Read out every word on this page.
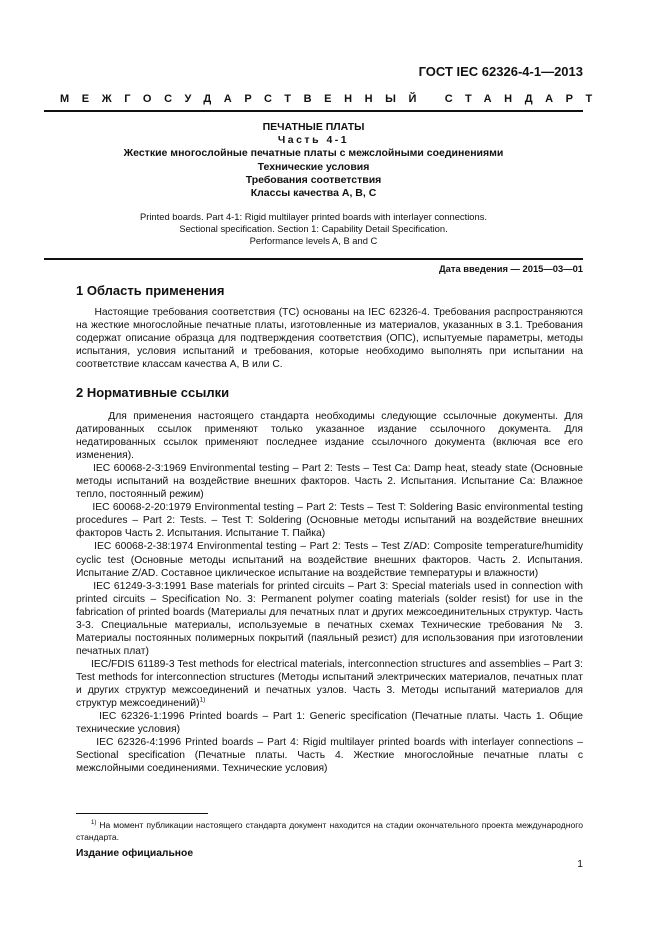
ГОСТ IEC 62326-4-1—2013
МЕЖГОСУДАРСТВЕННЫЙ СТАНДАРТ
ПЕЧАТНЫЕ ПЛАТЫ
Часть 4-1
Жесткие многослойные печатные платы с межслойными соединениями
Технические условия
Требования соответствия
Классы качества А, В, С
Printed boards. Part 4-1: Rigid multilayer printed boards with interlayer connections.
Sectional specification. Section 1: Capability Detail Specification.
Performance levels A, B and C
Дата введения — 2015—03—01
1 Область применения

Настоящие требования соответствия (ТС) основаны на IEC 62326-4. Требования распространяются на жесткие многослойные печатные платы, изготовленные из материалов, указанных в 3.1. Требования содержат описание образца для подтверждения соответствия (ОПС), испытуемые параметры, методы испытания, условия испытаний и требования, которые необходимо выполнять при испытании на соответствие классам качества A, B или C.

2 Нормативные ссылки

Для применения настоящего стандарта необходимы следующие ссылочные документы. Для датированных ссылок применяют только указанное издание ссылочного документа. Для недатированных ссылок применяют последнее издание ссылочного документа (включая все его изменения).

IEC 60068-2-3:1969 Environmental testing – Part 2: Tests – Test Ca: Damp heat, steady state (Основные методы испытаний на воздействие внешних факторов. Часть 2. Испытания. Испытание Са: Влажное тепло, постоянный режим)

IEC 60068-2-20:1979 Environmental testing – Part 2: Tests – Test T: Soldering Basic environmental testing procedures – Part 2: Tests. – Test T: Soldering (Основные методы испытаний на воздействие внешних факторов Часть 2. Испытания. Испытание Т. Пайка)

IEC 60068-2-38:1974 Environmental testing – Part 2: Tests – Test Z/AD: Composite temperature/humidity cyclic test (Основные методы испытаний на воздействие внешних факторов. Часть 2. Испытания. Испытание Z/AD. Составное циклическое испытание на воздействие температуры и влажности)

IEC 61249-3-3:1991 Base materials for printed circuits – Part 3: Special materials used in connection with printed circuits – Specification No. 3: Permanent polymer coating materials (solder resist) for use in the fabrication of printed boards (Материалы для печатных плат и других межсоединительных структур. Часть 3-3. Специальные материалы, используемые в печатных схемах Технические требования № 3. Материалы постоянных полимерных покрытий (паяльный резист) для использования при изготовлении печатных плат)

IEC/FDIS 61189-3 Test methods for electrical materials, interconnection structures and assemblies – Part 3: Test methods for interconnection structures (Методы испытаний электрических материалов, печатных плат и других структур межсоединений и печатных узлов. Часть 3. Методы испытаний материалов для структур межсоединений)$^{1)}$

IEC 62326-1:1996 Printed boards – Part 1: Generic specification (Печатные платы. Часть 1. Общие технические условия)

IEC 62326-4:1996 Printed boards – Part 4: Rigid multilayer printed boards with interlayer connections – Sectional specification (Печатные платы. Часть 4. Жесткие многослойные печатные платы с межслойными соединениями. Технические условия)

$^{1)}$ На момент публикации настоящего стандарта документ находится на стадии окончательного проекта международного стандарта.
Издание официальное
1
